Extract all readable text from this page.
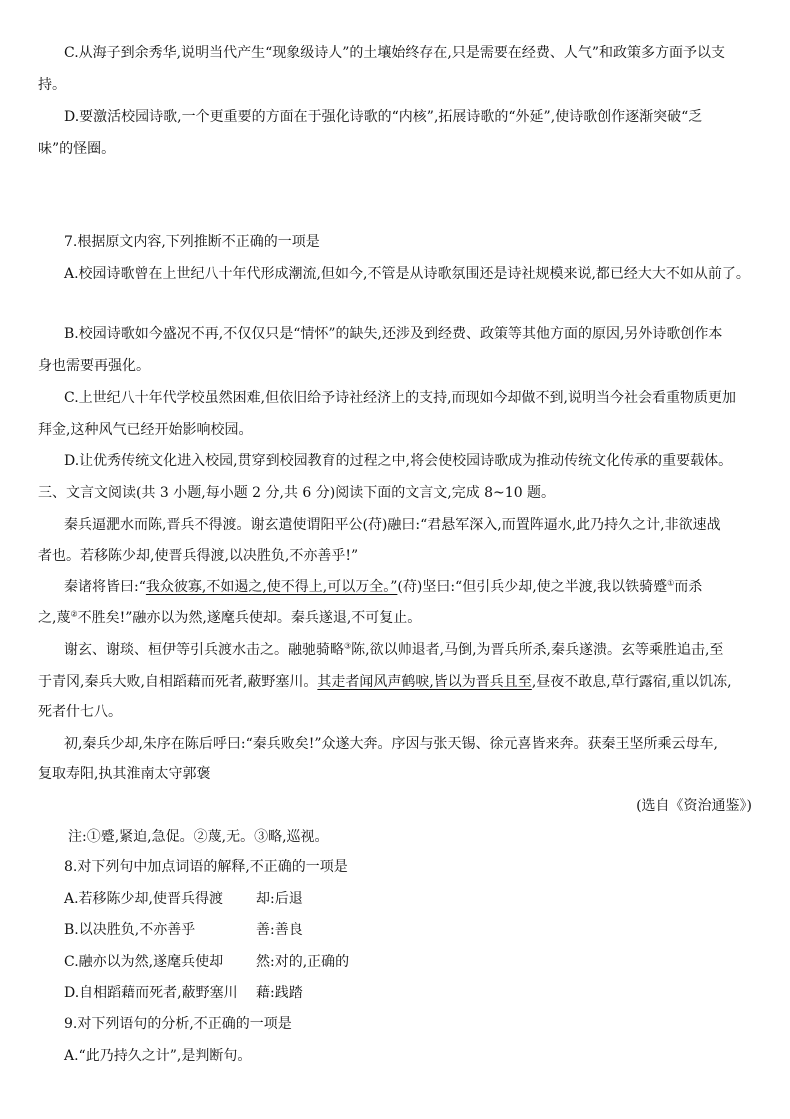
C.从海子到余秀华,说明当代产生“现象级诗人”的土壤始终存在,只是需要在经费、人气”和政策多方面予以支
持。
D.要激活校园诗歌,一个更重要的方面在于强化诗歌的“内核”,拓展诗歌的“外延”,使诗歌创作逐渐突破“乏
味”的怪圈。
7.根据原文内容,下列推断不正确的一项是
A.校园诗歌曾在上世纪八十年代形成潮流,但如今,不管是从诗歌氛围还是诗社规模来说,都已经大大不如从前了。
B.校园诗歌如今盛况不再,不仅仅只是“情怀”的缺失,还涉及到经费、政策等其他方面的原因,另外诗歌创作本
身也需要再强化。
C.上世纪八十年代学校虽然困难,但依旧给予诗社经济上的支持,而现如今却做不到,说明当今社会看重物质更加
拜金,这种风气已经开始影响校园。
D.让优秀传统文化进入校园,贯穿到校园教育的过程之中,将会使校园诗歌成为推动传统文化传承的重要载体。
三、文言文阅读(共 3 小题,每小题 2 分,共 6 分)阅读下面的文言文,完成 8~10 题。
秦兵逼淝水而陈,晋兵不得渡。谢玄遣使谓阳平公(苻)融曰:“君悬军深入,而置阵逼水,此乃持久之计,非欲速战
者也。若移陈少却,使晋兵得渡,以决胜负,不亦善乎!”
秦诸将皆曰:“我众彼寡,不如遏之,使不得上,可以万全。”(苻)坚曰:“但引兵少却,使之半渡,我以铁骑蹙①而杀
之,蔑②不胜矣!”融亦以为然,遂麾兵使却。秦兵遂退,不可复止。
谢玄、谢琰、桓伊等引兵渡水击之。融驰骑略③陈,欲以帅退者,马倒,为晋兵所杀,秦兵遂溃。玄等乘胜追击,至
于青冈,秦兵大败,自相蹈藉而死者,蔽野塞川。其走者闻风声鹤唳,皆以为晋兵且至,昼夜不敢息,草行露宿,重以饥冻,
死者什七八。
初,秦兵少却,朱序在陈后呼曰:“秦兵败矣!”众遂大奔。序因与张天锡、徐元喜皆来奔。获秦王坚所乘云母车,
复取寿阳,执其淮南太守郭褒
(选自《资治通鉴》)
注:①蹙,紧迫,急促。②蔑,无。③略,巡视。
8.对下列句中加点词语的解释,不正确的一项是
A.若移陈少却,使晋兵得渡 却:后退
B.以决胜负,不亦善乎	善:善良
C.融亦以为然,遂麾兵使却 然:对的,正确的
D.自相蹈藉而死者,蔽野塞川 藉:践踏
9.对下列语句的分析,不正确的一项是
A.“此乃持久之计”,是判断句。
